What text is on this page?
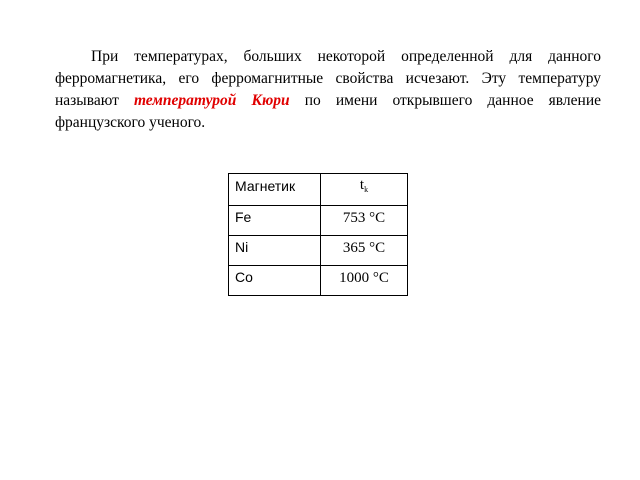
При температурах, больших некоторой определенной для данного ферромагнетика, его ферромагнитные свойства исчезают. Эту температуру называют температурой Кюри по имени открывшего данное явление французского ученого.

Магнетик	$t_k$
Fe	753 °C
Ni	365 °C
Co	1000 °C
